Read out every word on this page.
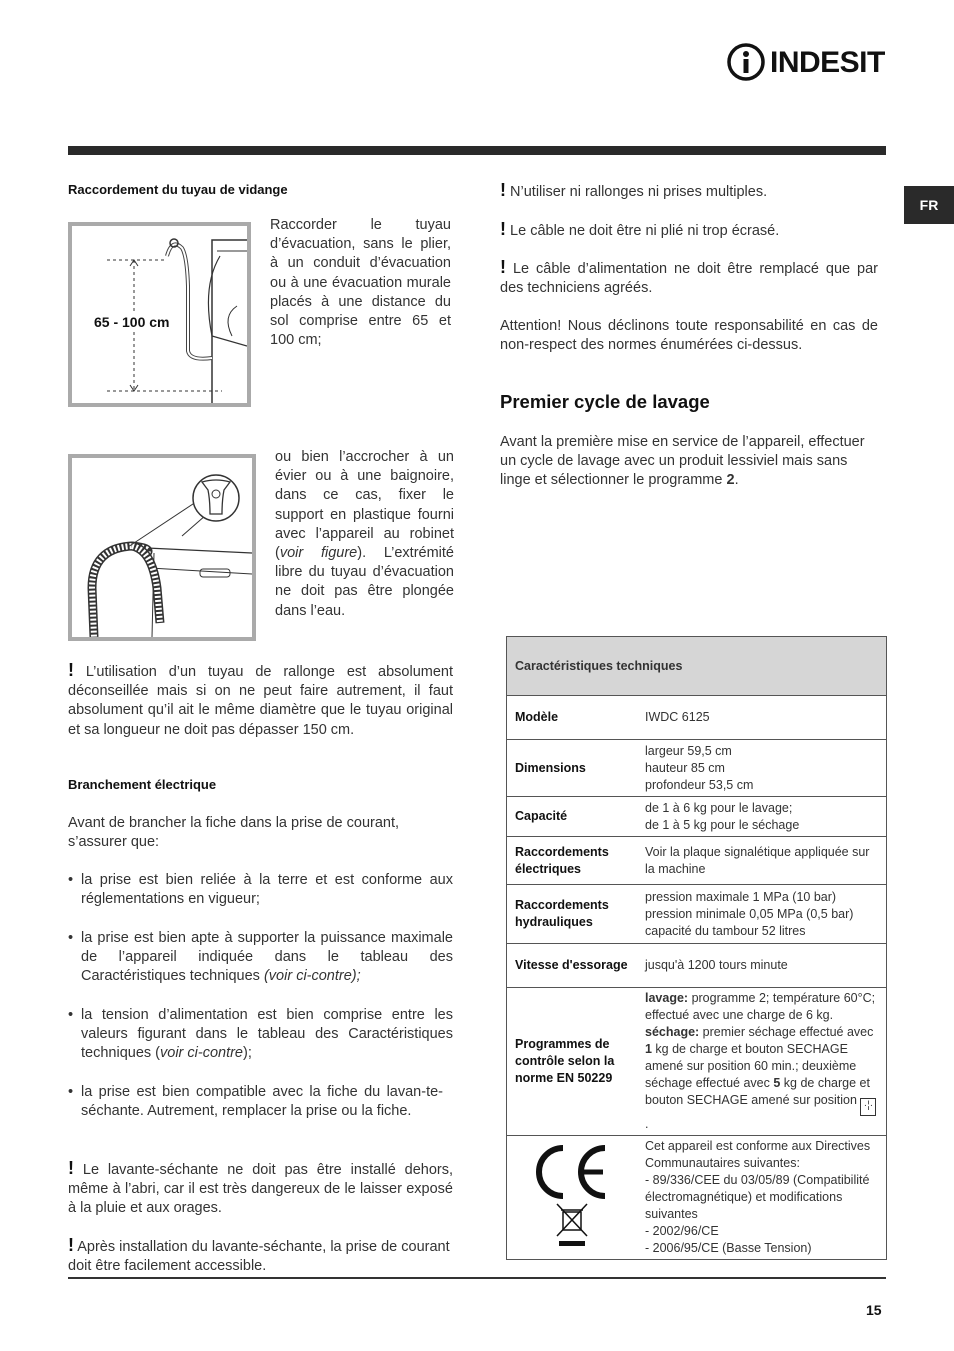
INDESIT
FR
Raccordement du tuyau de vidange
65 - 100 cm
Raccorder le tuyau d’évacuation, sans le plier, à un conduit d’évacuation ou à une évacuation murale placés à une distance du sol comprise entre 65 et 100 cm;
ou bien l’accrocher à un évier ou à une baignoire, dans ce cas, fixer le support en plastique fourni avec l’appareil au robinet (voir figure). L’extrémité libre du tuyau d’évacuation ne doit pas être plongée dans l’eau.
! L’utilisation d’un tuyau de rallonge est absolument déconseillée mais si on ne peut faire autrement, il faut absolument qu’il ait le même diamètre que le tuyau original et sa longueur ne doit pas dépasser 150 cm.
Branchement électrique
Avant de brancher la fiche dans la prise de courant, s’assurer que:
• la prise est bien reliée à la terre et est conforme aux réglementations en vigueur;
• la prise est bien apte à supporter la puissance maximale de l’appareil indiquée dans le tableau des Caractéristiques techniques (voir ci-contre);
• la tension d’alimentation est bien comprise entre les valeurs figurant dans le tableau des Caractéristiques techniques (voir ci-contre);
• la prise est bien compatible avec la fiche du lavan-te-séchante. Autrement, remplacer la prise ou la fiche.
! Le lavante-séchante ne doit pas être installé dehors, même à l’abri, car il est très dangereux de le laisser exposé à la pluie et aux orages.
! Après installation du lavante-séchante, la prise de courant doit être facilement accessible.
! N’utiliser ni rallonges ni prises multiples.
! Le câble ne doit être ni plié ni trop écrasé.
! Le câble d’alimentation ne doit être remplacé que par des techniciens agréés.
Attention! Nous déclinons toute responsabilité en cas de non-respect des normes énumérées ci-dessus.
Premier cycle de lavage
Avant la première mise en service de l’appareil, effectuer un cycle de lavage avec un produit lessiviel mais sans linge et sélectionner le programme 2.
Caractéristiques techniques	
Modèle	IWDC 6125
Dimensions	largeur 59,5 cm
hauteur 85 cm
profondeur 53,5 cm

Capacité	de 1 à 6 kg pour le lavage;
de 1 à 5 kg pour le séchage

Raccordements électriques	Voir la plaque signalétique appliquée sur la machine
Raccordements hydrauliques	pression maximale 1 MPa (10 bar)
pression minimale 0,05 MPa (0,5 bar)
capacité du tambour 52 litres

Vitesse d'essorage	jusqu'à 1200 tours minute
Programmes de contrôle selon la norme EN 50229	lavage: programme 2; température 60°C; effectué avec une charge de 6 kg. séchage: premier séchage effectué avec 1 kg de charge et bouton SECHAGE amené sur position 60 min.; deuxième séchage effectué avec 5 kg de charge et bouton SECHAGE amené sur position ·¦· .

Cet appareil est conforme aux Directives Communautaires suivantes:
- 89/336/CEE du 03/05/89 (Compatibilité électromagnétique) et modifications suivantes
- 2002/96/CE
- 2006/95/CE (Basse Tension)
15
